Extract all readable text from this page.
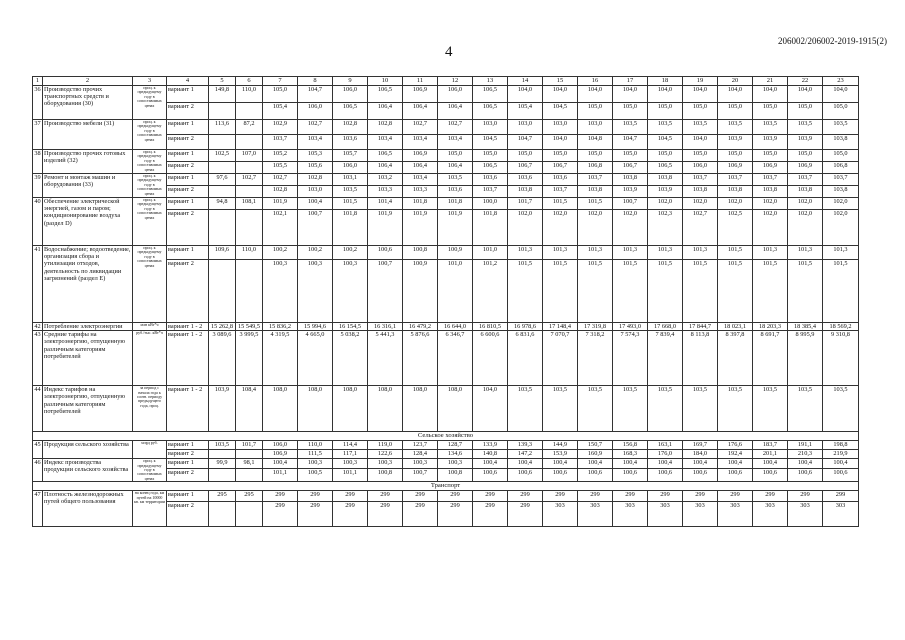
206002/206002-2019-1915(2)
4
1	2	3	4	5	6	7	8	9	10	11	12	13	14	15	16	17	18	19	20	21	22	23
36	Производство прочих транспортных средств и оборудования (30)	проц. к предыдущему году в сопоставимых ценах	вариант 1	149,8	110,0	105,0	104,7	106,0	106,5	106,9	106,0	106,5	104,0	104,0	104,0	104,0	104,0	104,0	104,0	104,0	104,0	104,0
			вариант 2			105,4	106,0	106,5	106,4	106,4	106,4	106,5	105,4	104,5	105,0	105,0	105,0	105,0	105,0	105,0	105,0	105,0
37	Производство мебели (31)	проц. к предыдущему году в сопоставимых ценах	вариант 1	113,6	87,2	102,9	102,7	102,8	102,8	102,7	102,7	103,0	103,0	103,0	103,0	103,5	103,5	103,5	103,5	103,5	103,5	103,5
			вариант 2			103,7	103,4	103,6	103,4	103,4	103,4	104,5	104,7	104,0	104,8	104,7	104,5	104,0	103,9	103,9	103,9	103,8
38	Производство прочих готовых изделий (32)	проц. к предыдущему году в сопоставимых ценах	вариант 1	102,5	107,0	105,2	105,3	105,7	106,5	106,9	105,0	105,0	105,0	105,0	105,0	105,0	105,0	105,0	105,0	105,0	105,0	105,0
			вариант 2			105,5	105,6	106,0	106,4	106,4	106,4	106,5	106,7	106,7	106,8	106,7	106,5	106,0	106,9	106,9	106,9	106,8
39	Ремонт и монтаж машин и оборудования (33)	проц. к предыдущему году в сопоставимых ценах	вариант 1	97,6	102,7	102,7	102,8	103,1	103,2	103,4	103,5	103,6	103,6	103,6	103,7	103,8	103,8	103,7	103,7	103,7	103,7	103,7
			вариант 2			102,8	103,0	103,5	103,3	103,3	103,6	103,7	103,8	103,7	103,8	103,9	103,9	103,8	103,8	103,8	103,8	103,8
40	Обеспечение электрической энергией, газом и паром; кондиционирование воздуха (раздел D)	проц. к предыдущему году в сопоставимых ценах	вариант 1	94,8	108,1	101,9	100,4	101,5	101,4	101,8	101,8	100,0	101,7	101,5	101,5	100,7	102,0	102,0	102,0	102,0	102,0	102,0
			вариант 2			102,1	100,7	101,8	101,9	101,9	101,9	101,8	102,0	102,0	102,0	102,0	102,3	102,7	102,5	102,0	102,0	102,0
41	Водоснабжение; водоотведение, организация сбора и утилизации отходов, деятельность по ликвидации загрязнений (раздел E)	проц. к предыдущему году в сопоставимых ценах	вариант 1	109,6	110,0	100,2	100,2	100,2	100,6	100,8	100,9	101,0	101,3	101,3	101,3	101,3	101,3	101,3	101,5	101,3	101,3	101,3
			вариант 2			100,3	100,3	100,3	100,7	100,9	101,0	101,2	101,5	101,5	101,5	101,5	101,5	101,5	101,5	101,5	101,5	101,5
42	Потребление электроэнергии	млн кВт*ч	вариант 1 - 2	15 262,8	15 549,5	15 836,2	15 994,6	16 154,5	16 316,1	16 479,2	16 644,0	16 810,5	16 978,6	17 148,4	17 319,8	17 493,0	17 668,0	17 844,7	18 023,1	18 203,3	18 385,4	18 569,2
43	Средние тарифы на электроэнергию, отпущенную различным категориям потребителей	руб./тыс. кВт*ч	вариант 1 - 2	3 089,6	3 999,5	4 319,5	4 665,0	5 038,2	5 441,3	5 876,6	6 346,7	6 600,6	6 831,6	7 070,7	7 318,2	7 574,3	7 839,4	8 113,8	8 397,8	8 691,7	8 995,9	9 310,8
44	Индекс тарифов на электроэнергию, отпущенную различным категориям потребителей	за период с начала года к соотв. периоду предыдущего года, проц.	вариант 1 - 2	103,9	108,4	108,0	108,0	108,0	108,0	108,0	108,0	104,0	103,5	103,5	103,5	103,5	103,5	103,5	103,5	103,5	103,5	103,5
Сельское хозяйство																						
45	Продукция сельского хозяйства	млрд руб.	вариант 1	103,5	101,7	106,0	110,0	114,4	119,0	123,7	128,7	133,9	139,3	144,9	150,7	156,8	163,1	169,7	176,6	183,7	191,1	198,8
			вариант 2			106,9	111,5	117,1	122,6	128,4	134,6	140,8	147,2	153,9	160,9	168,3	176,0	184,0	192,4	201,1	210,3	219,9
46	Индекс производства продукции сельского хозяйства	проц. к предыдущему году в сопоставимых ценах	вариант 1	99,9	98,1	100,4	100,3	100,3	100,3	100,3	100,3	100,4	100,4	100,4	100,4	100,4	100,4	100,4	100,4	100,4	100,4	100,4
			вариант 2			101,1	100,5	101,1	100,8	100,7	100,8	100,6	100,6	100,6	100,6	100,6	100,6	100,6	100,6	100,6	100,6	100,6
Транспорт																						
47	Плотность железнодорожных путей общего пользования	на конец года, км путей на 10000 кв. км территории	вариант 1	295	295	299	299	299	299	299	299	299	299	299	299	299	299	299	299	299	299	299
			вариант 2			299	299	299	299	299	299	299	299	303	303	303	303	303	303	303	303	303
